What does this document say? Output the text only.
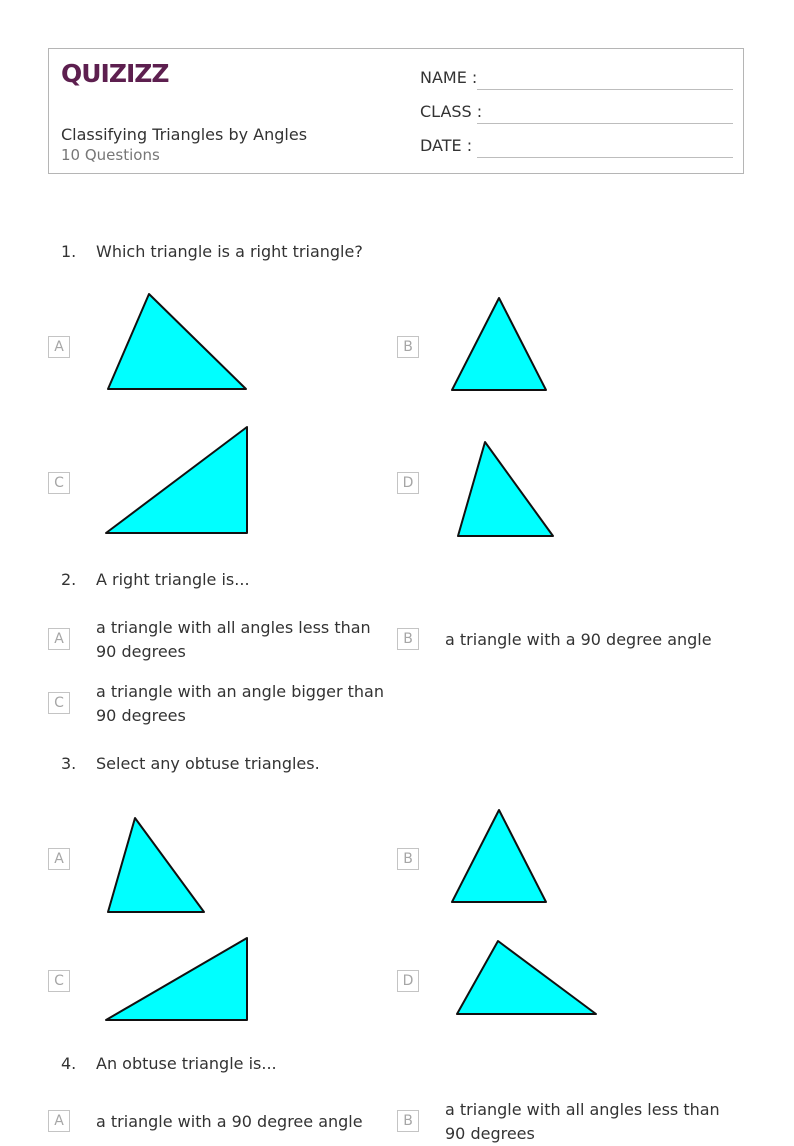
QUIZIZZ
Classifying Triangles by Angles
10 Questions
NAME :
CLASS :
DATE :
1. Which triangle is a right triangle?
A	B
C	D
2. A right triangle is...
A
a triangle with all angles less than 90 degrees
B	a triangle with a 90 degree angle
C
a triangle with an angle bigger than 90 degrees
3. Select any obtuse triangles.
A	B
C	D
4. An obtuse triangle is...
A	a triangle with a 90 degree angle	B
a triangle with all angles less than 90 degrees
